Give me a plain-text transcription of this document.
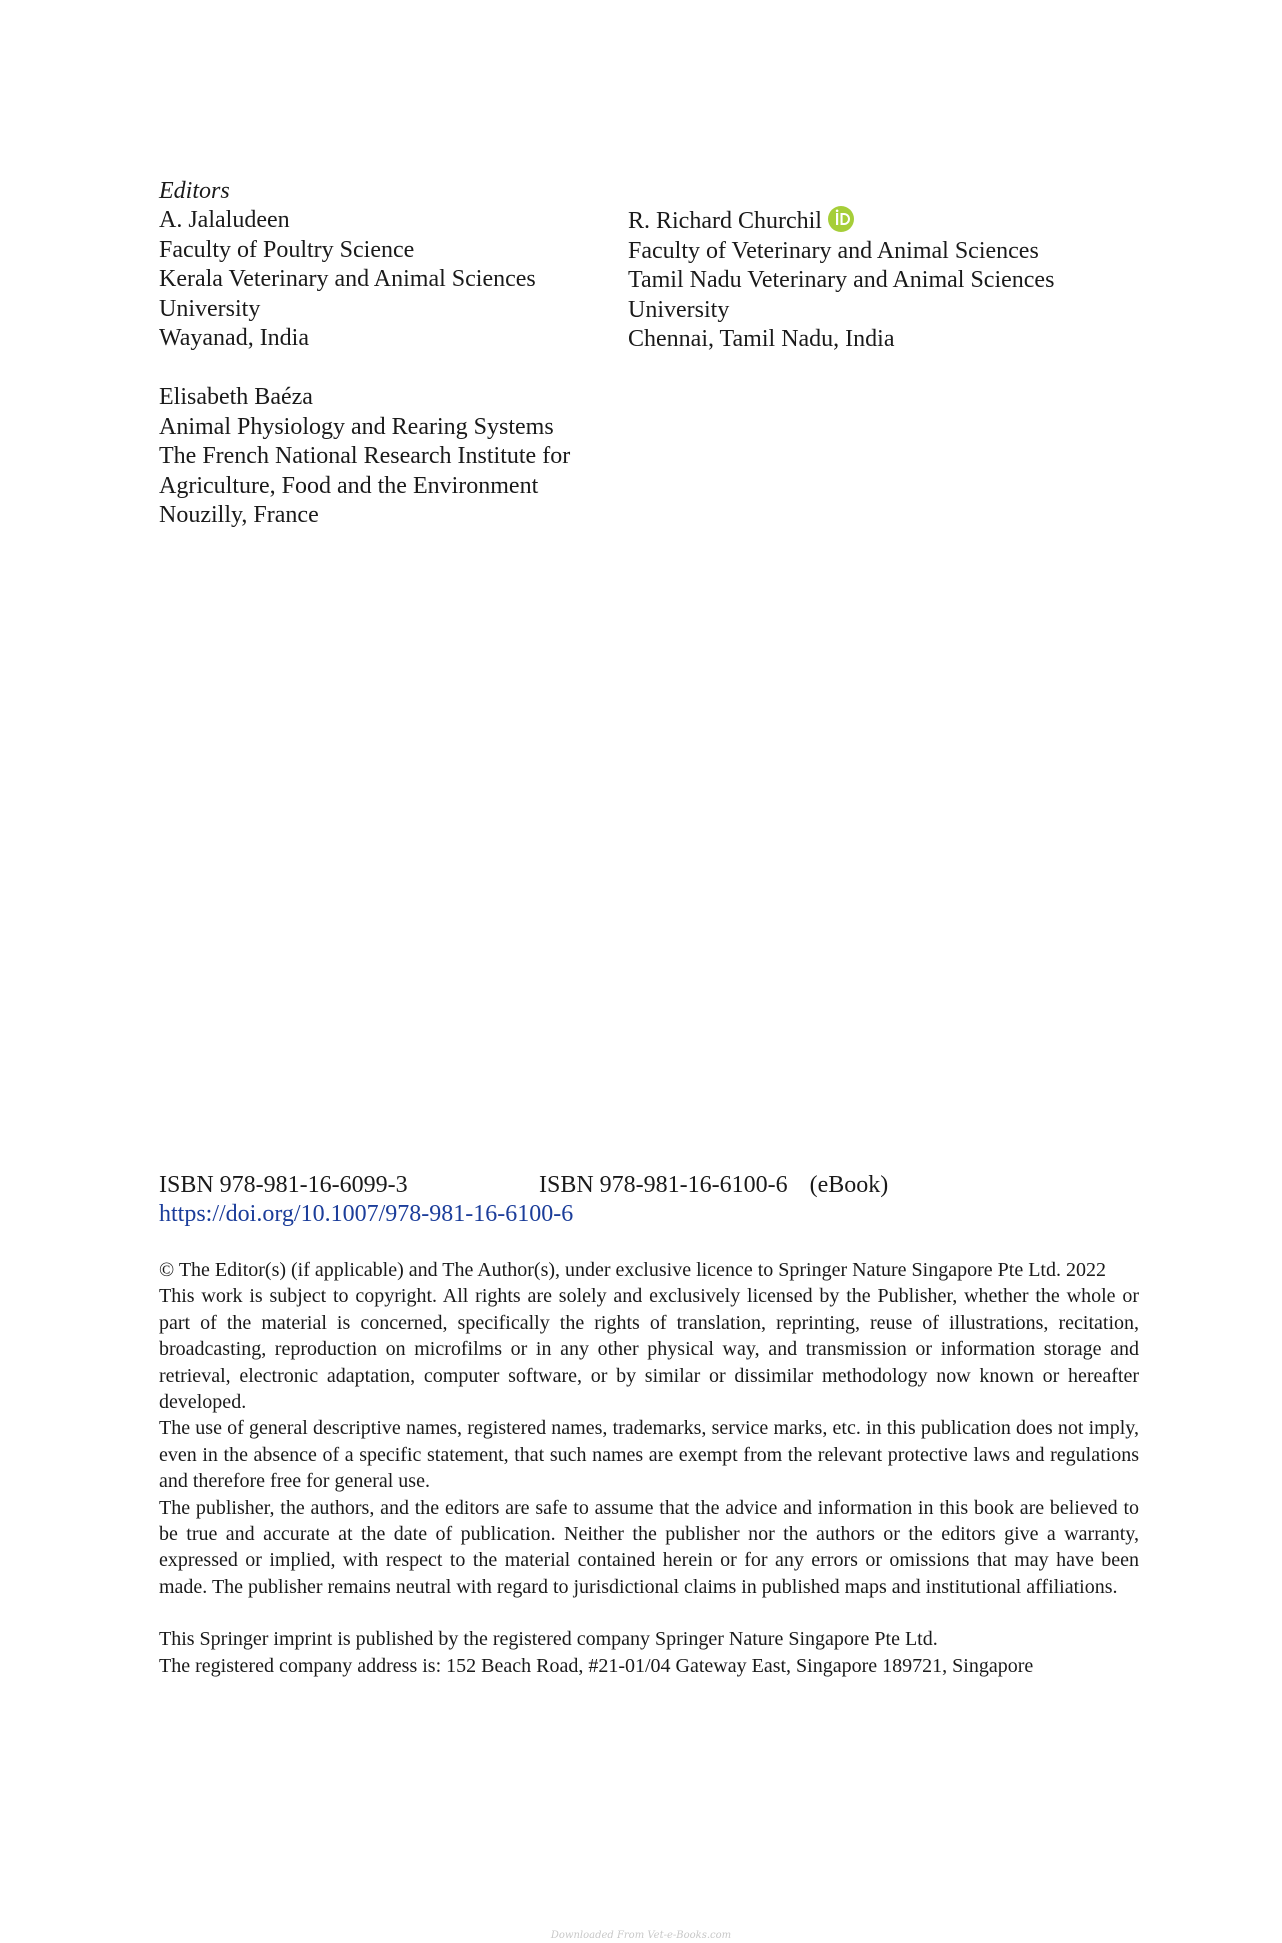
Editors
A. Jalaludeen
Faculty of Poultry Science
Kerala Veterinary and Animal Sciences
University
Wayanad, India
R. Richard Churchil
Faculty of Veterinary and Animal Sciences
Tamil Nadu Veterinary and Animal Sciences
University
Chennai, Tamil Nadu, India
Elisabeth Baéza
Animal Physiology and Rearing Systems
The French National Research Institute for
Agriculture, Food and the Environment
Nouzilly, France
ISBN 978-981-16-6099-3	ISBN 978-981-16-6100-6 (eBook)
https://doi.org/10.1007/978-981-16-6100-6

© The Editor(s) (if applicable) and The Author(s), under exclusive licence to Springer Nature Singapore Pte Ltd. 2022

This work is subject to copyright. All rights are solely and exclusively licensed by the Publisher, whether the whole or part of the material is concerned, specifically the rights of translation, reprinting, reuse of illustrations, recitation, broadcasting, reproduction on microfilms or in any other physical way, and transmission or information storage and retrieval, electronic adaptation, computer software, or by similar or dissimilar methodology now known or hereafter developed.

The use of general descriptive names, registered names, trademarks, service marks, etc. in this publication does not imply, even in the absence of a specific statement, that such names are exempt from the relevant protective laws and regulations and therefore free for general use.

The publisher, the authors, and the editors are safe to assume that the advice and information in this book are believed to be true and accurate at the date of publication. Neither the publisher nor the authors or the editors give a warranty, expressed or implied, with respect to the material contained herein or for any errors or omissions that may have been made. The publisher remains neutral with regard to jurisdictional claims in published maps and institutional affiliations.

This Springer imprint is published by the registered company Springer Nature Singapore Pte Ltd.

The registered company address is: 152 Beach Road, #21-01/04 Gateway East, Singapore 189721, Singapore

Downloaded From Vet-e-Books.com
